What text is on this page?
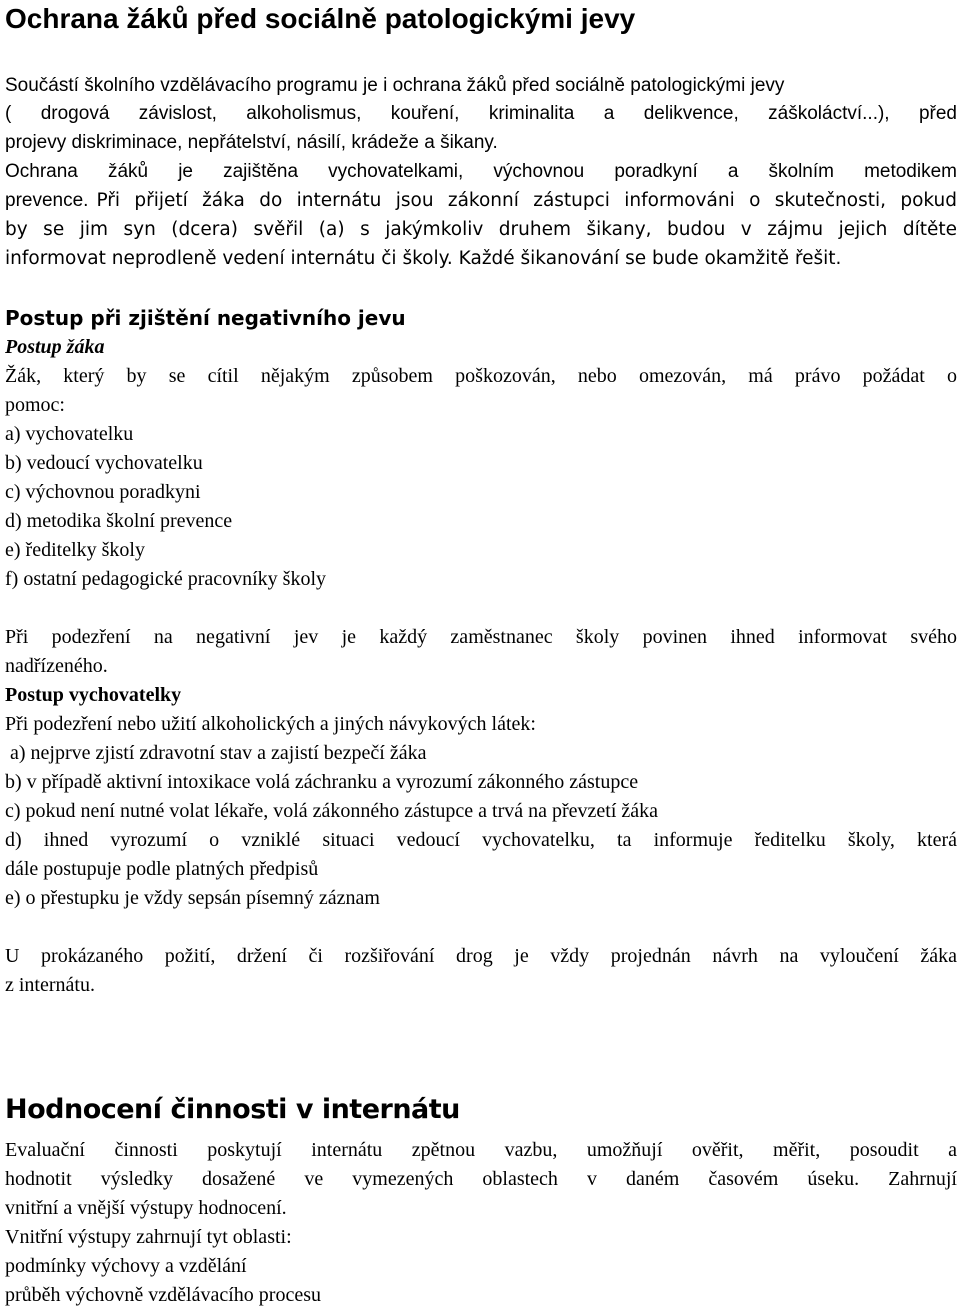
Ochrana žáků před sociálně patologickými jevy
Součástí školního vzdělávacího programu je i ochrana žáků před sociálně patologickými jevy
( drogová závislost, alkoholismus, kouření, kriminalita a delikvence, záškoláctví...), před
projevy diskriminace, nepřátelství, násilí, krádeže a šikany.
Ochrana žáků je zajištěna vychovatelkami, výchovnou poradkyní a školním metodikem
prevence. Při přijetí žáka do internátu jsou zákonní zástupci informováni o skutečnosti, pokud
by se jim syn (dcera) svěřil (a) s jakýmkoliv druhem šikany, budou v zájmu jejich dítěte
informovat neprodleně vedení internátu či školy. Každé šikanování se bude okamžitě řešit.
Postup při zjištění negativního jevu
Postup žáka
Žák, který by se cítil nějakým způsobem poškozován, nebo omezován, má právo požádat o
pomoc:
a) vychovatelku
b) vedoucí vychovatelku
c) výchovnou poradkyni
d) metodika školní prevence
e) ředitelky školy
f) ostatní pedagogické pracovníky školy
Při podezření na negativní jev je každý zaměstnanec školy povinen ihned informovat svého
nadřízeného.
Postup vychovatelky
Při podezření nebo užití alkoholických a jiných návykových látek:
a) nejprve zjistí zdravotní stav a zajistí bezpečí žáka
b) v případě aktivní intoxikace volá záchranku a vyrozumí zákonného zástupce
c) pokud není nutné volat lékaře, volá zákonného zástupce a trvá na převzetí žáka
d) ihned vyrozumí o vzniklé situaci vedoucí vychovatelku, ta informuje ředitelku školy, která
dále postupuje podle platných předpisů
e) o přestupku je vždy sepsán písemný záznam
U prokázaného požití, držení či rozšiřování drog je vždy projednán návrh na vyloučení žáka
z internátu.
Hodnocení činnosti v internátu
Evaluační činnosti poskytují internátu zpětnou vazbu, umožňují ověřit, měřit, posoudit a
hodnotit výsledky dosažené ve vymezených oblastech v daném časovém úseku. Zahrnují
vnitřní a vnější výstupy hodnocení.
Vnitřní výstupy zahrnují tyt oblasti:
podmínky výchovy a vzdělání
průběh výchovně vzdělávacího procesu
